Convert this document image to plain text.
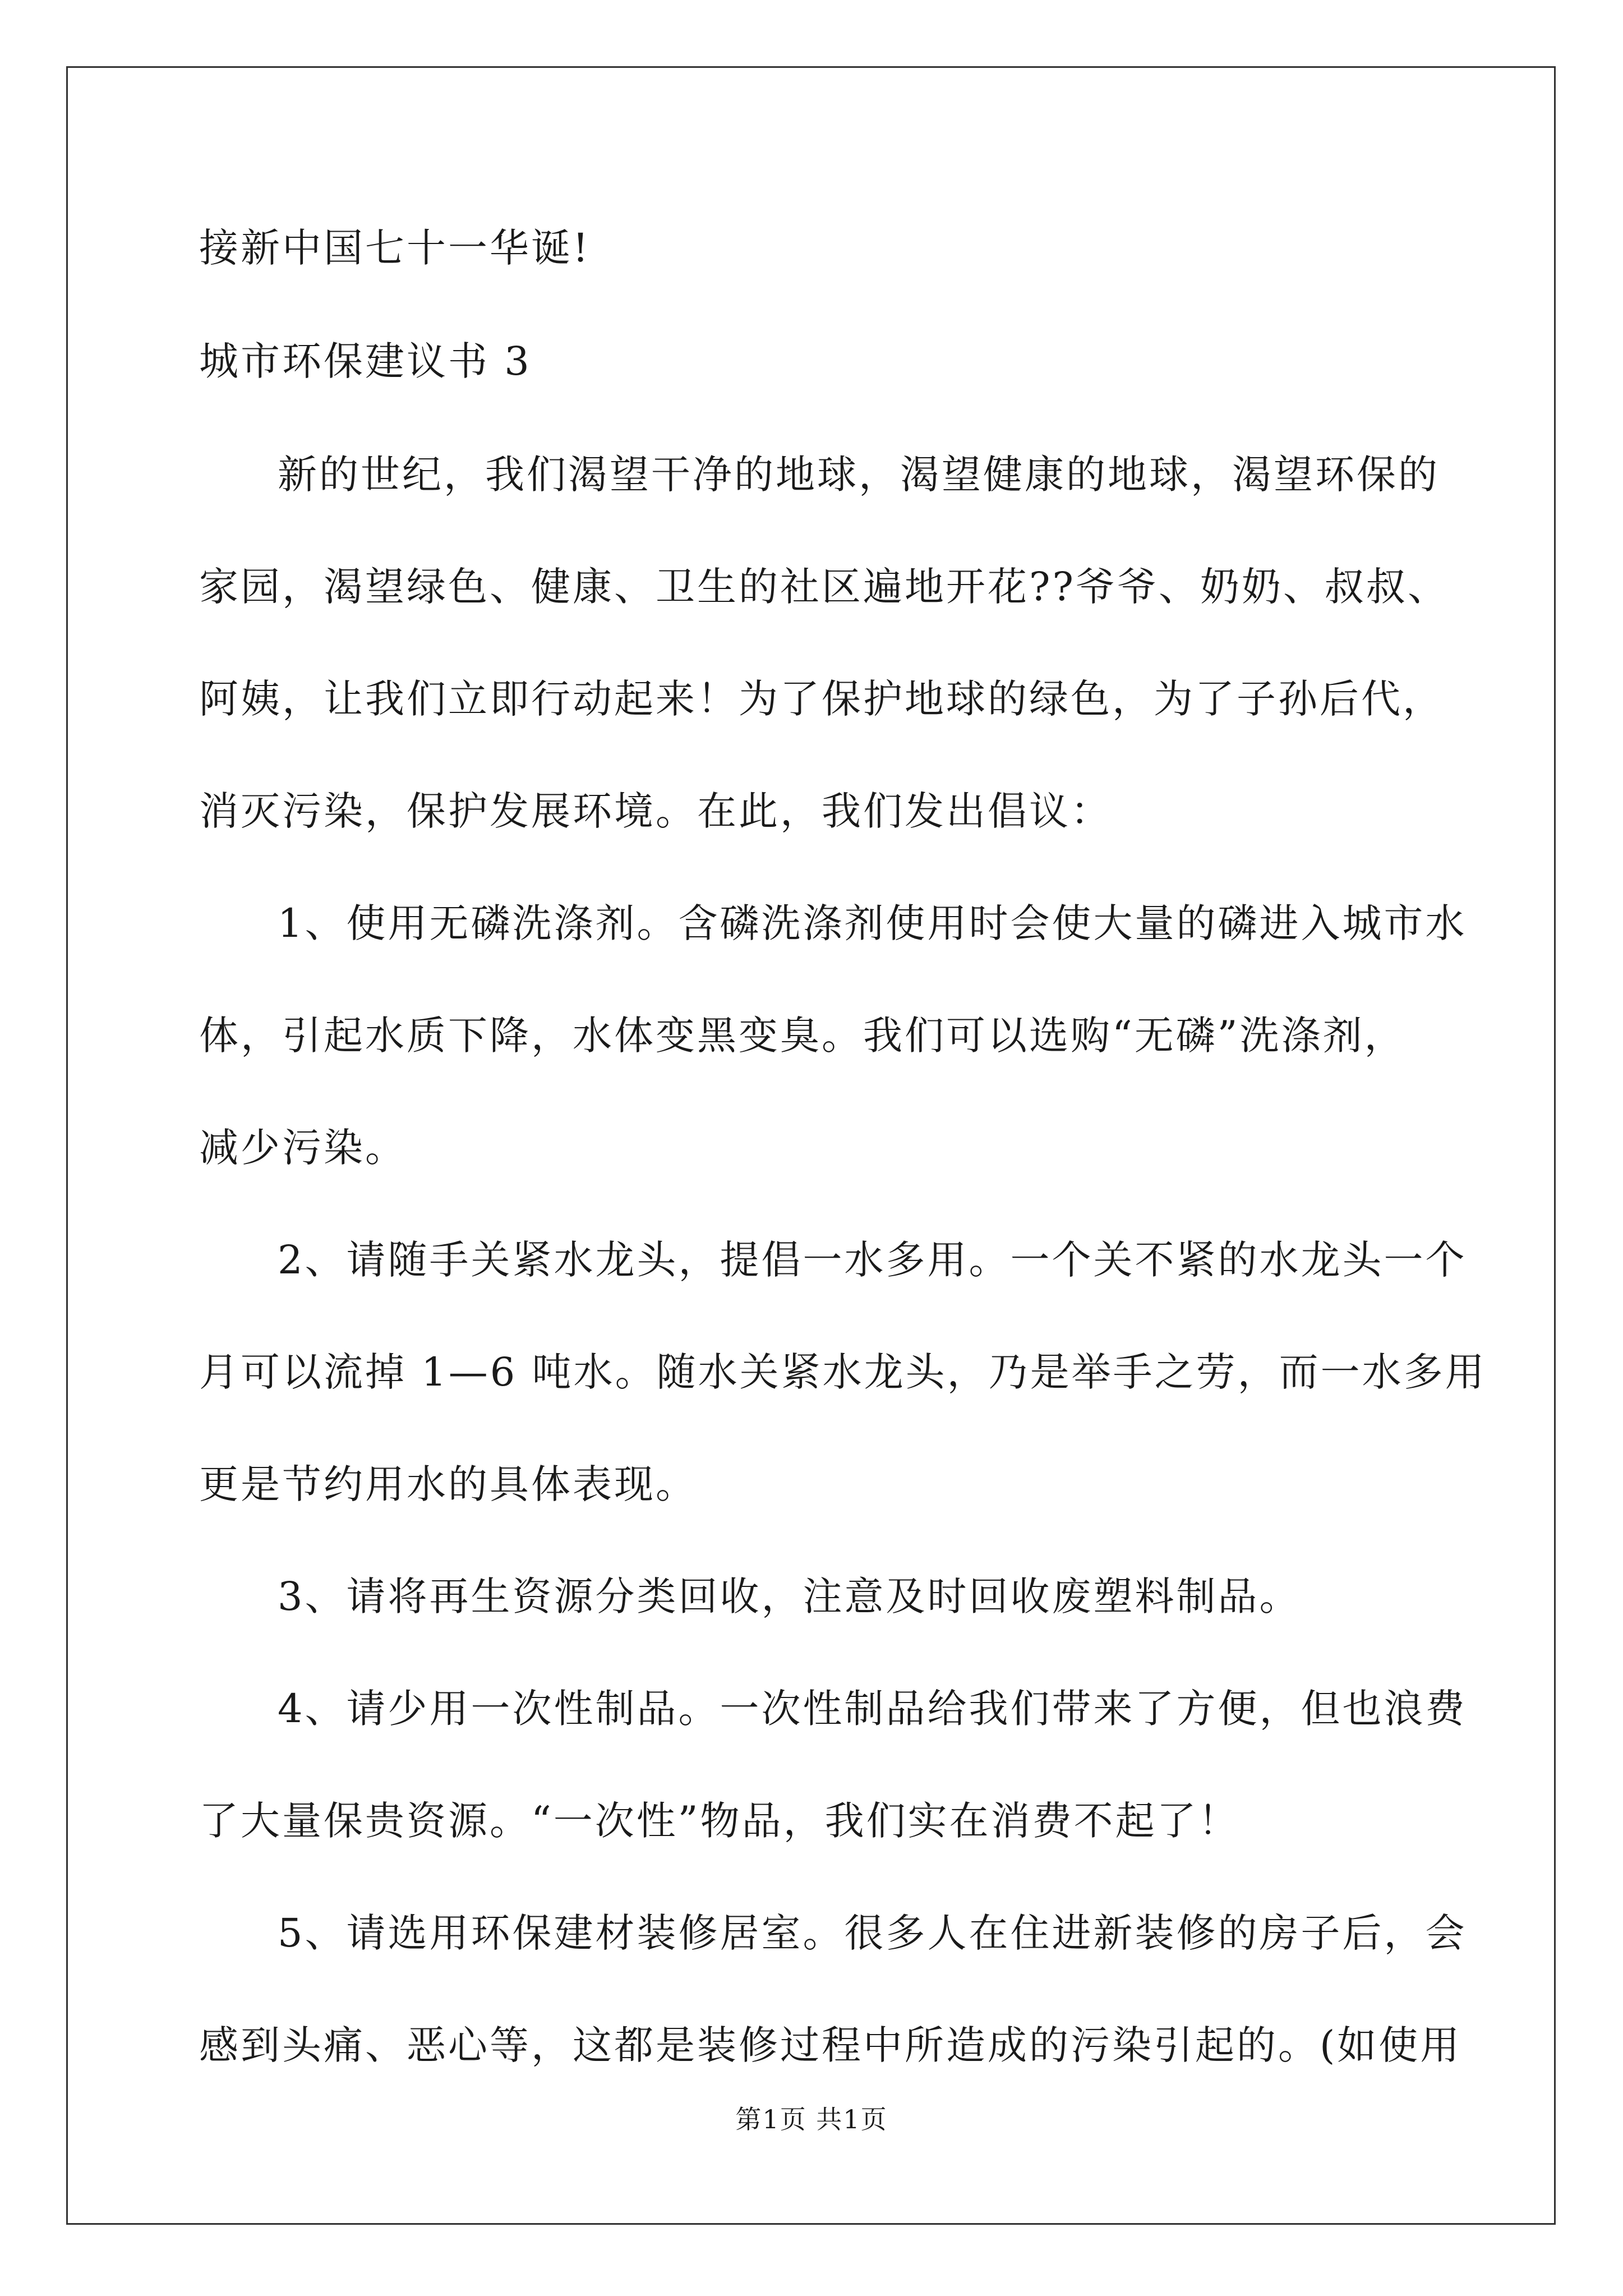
接新中国七十一华诞!
城市环保建议书 3
新的世纪，我们渴望干净的地球，渴望健康的地球，渴望环保的
家园，渴望绿色、健康、卫生的社区遍地开花??爷爷、奶奶、叔叔、
阿姨，让我们立即行动起来！为了保护地球的绿色，为了子孙后代，
消灭污染，保护发展环境。在此，我们发出倡议：
1、使用无磷洗涤剂。含磷洗涤剂使用时会使大量的磷进入城市水
体，引起水质下降，水体变黑变臭。我们可以选购“无磷”洗涤剂，
减少污染。
2、请随手关紧水龙头，提倡一水多用。一个关不紧的水龙头一个
月可以流掉 1—6 吨水。随水关紧水龙头，乃是举手之劳，而一水多用
更是节约用水的具体表现。
3、请将再生资源分类回收，注意及时回收废塑料制品。
4、请少用一次性制品。一次性制品给我们带来了方便，但也浪费
了大量保贵资源。“一次性”物品，我们实在消费不起了！
5、请选用环保建材装修居室。很多人在住进新装修的房子后，会
感到头痛、恶心等，这都是装修过程中所造成的污染引起的。(如使用
第1页 共1页
